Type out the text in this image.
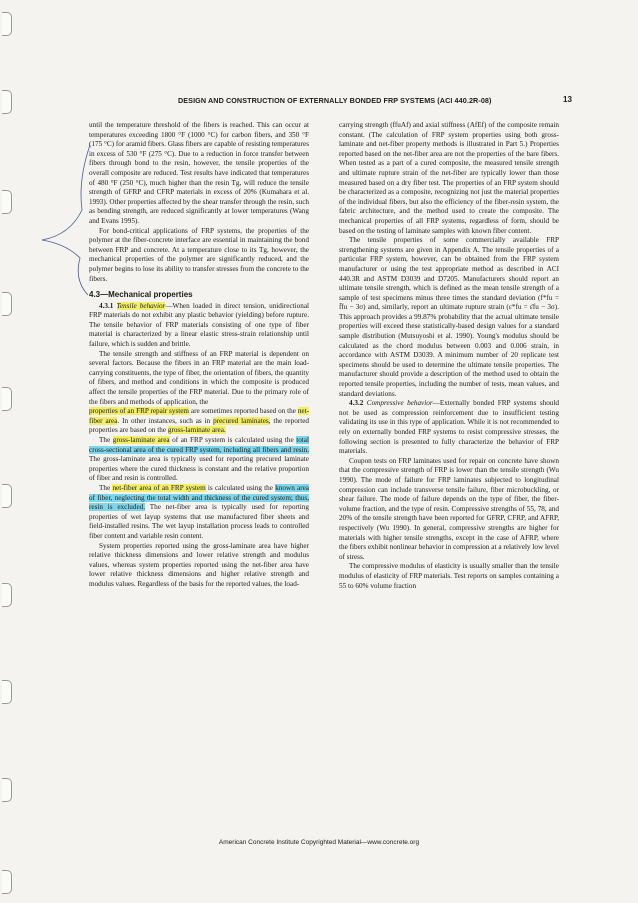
DESIGN AND CONSTRUCTION OF EXTERNALLY BONDED FRP SYSTEMS (ACI 440.2R-08)	13

until the temperature threshold of the fibers is reached. This can occur at temperatures exceeding 1800 °F (1000 °C) for carbon fibers, and 350 °F (175 °C) for aramid fibers. Glass fibers are capable of resisting temperatures in excess of 530 °F (275 °C). Due to a reduction in force transfer between fibers through bond to the resin, however, the tensile properties of the overall composite are reduced. Test results have indicated that temperatures of 480 °F (250 °C), much higher than the resin Tg, will reduce the tensile strength of GFRP and CFRP materials in excess of 20% (Kumahara et al. 1993). Other properties affected by the shear transfer through the resin, such as bending strength, are reduced significantly at lower temperatures (Wang and Evans 1995).

For bond-critical applications of FRP systems, the properties of the polymer at the fiber-concrete interface are essential in maintaining the bond between FRP and concrete. At a temperature close to its Tg, however, the mechanical properties of the polymer are significantly reduced, and the polymer begins to lose its ability to transfer stresses from the concrete to the fibers.

4.3—Mechanical properties

4.3.1 Tensile behavior—When loaded in direct tension, unidirectional FRP materials do not exhibit any plastic behavior (yielding) before rupture. The tensile behavior of FRP materials consisting of one type of fiber material is characterized by a linear elastic stress-strain relationship until failure, which is sudden and brittle.

The tensile strength and stiffness of an FRP material is dependent on several factors. Because the fibers in an FRP material are the main load-carrying constituents, the type of fiber, the orientation of fibers, the quantity of fibers, and method and conditions in which the composite is produced affect the tensile properties of the FRP material. Due to the primary role of the fibers and methods of application, the

properties of an FRP repair system are sometimes reported based on the net-fiber area. In other instances, such as in precured laminates, the reported properties are based on the gross-laminate area.

The gross-laminate area of an FRP system is calculated using the total cross-sectional area of the cured FRP system, including all fibers and resin. The gross-laminate area is typically used for reporting precured laminate properties where the cured thickness is constant and the relative proportion of fiber and resin is controlled.

The net-fiber area of an FRP system is calculated using the known area of fiber, neglecting the total width and thickness of the cured system; thus, resin is excluded. The net-fiber area is typically used for reporting properties of wet layup systems that use manufactured fiber sheets and field-installed resins. The wet layup installation process leads to controlled fiber content and variable resin content.

System properties reported using the gross-laminate area have higher relative thickness dimensions and lower relative strength and modulus values, whereas system properties reported using the net-fiber area have lower relative thickness dimensions and higher relative strength and modulus values. Regardless of the basis for the reported values, the load-

carrying strength (ffuAf) and axial stiffness (AfEf) of the composite remain constant. (The calculation of FRP system properties using both gross-laminate and net-fiber property methods is illustrated in Part 5.) Properties reported based on the net-fiber area are not the properties of the bare fibers. When tested as a part of a cured composite, the measured tensile strength and ultimate rupture strain of the net-fiber are typically lower than those measured based on a dry fiber test. The properties of an FRP system should be characterized as a composite, recognizing not just the material properties of the individual fibers, but also the efficiency of the fiber-resin system, the fabric architecture, and the method used to create the composite. The mechanical properties of all FRP systems, regardless of form, should be based on the testing of laminate samples with known fiber content.

The tensile properties of some commercially available FRP strengthening systems are given in Appendix A. The tensile properties of a particular FRP system, however, can be obtained from the FRP system manufacturer or using the test appropriate method as described in ACI 440.3R and ASTM D3039 and D7205. Manufacturers should report an ultimate tensile strength, which is defined as the mean tensile strength of a sample of test specimens minus three times the standard deviation (f*fu = f̄fu − 3σ) and, similarly, report an ultimate rupture strain (ε*fu = ε̄fu − 3σ). This approach provides a 99.87% probability that the actual ultimate tensile properties will exceed these statistically-based design values for a standard sample distribution (Mutsuyoshi et al. 1990). Young's modulus should be calculated as the chord modulus between 0.003 and 0.006 strain, in accordance with ASTM D3039. A minimum number of 20 replicate test specimens should be used to determine the ultimate tensile properties. The manufacturer should provide a description of the method used to obtain the reported tensile properties, including the number of tests, mean values, and standard deviations.

4.3.2 Compressive behavior—Externally bonded FRP systems should not be used as compression reinforcement due to insufficient testing validating its use in this type of application. While it is not recommended to rely on externally bonded FRP systems to resist compressive stresses, the following section is presented to fully characterize the behavior of FRP materials.

Coupon tests on FRP laminates used for repair on concrete have shown that the compressive strength of FRP is lower than the tensile strength (Wu 1990). The mode of failure for FRP laminates subjected to longitudinal compression can include transverse tensile failure, fiber microbuckling, or shear failure. The mode of failure depends on the type of fiber, the fiber-volume fraction, and the type of resin. Compressive strengths of 55, 78, and 20% of the tensile strength have been reported for GFRP, CFRP, and AFRP, respectively (Wu 1990). In general, compressive strengths are higher for materials with higher tensile strengths, except in the case of AFRP, where the fibers exhibit nonlinear behavior in compression at a relatively low level of stress.

The compressive modulus of elasticity is usually smaller than the tensile modulus of elasticity of FRP materials. Test reports on samples containing a 55 to 60% volume fraction

American Concrete Institute Copyrighted Material—www.concrete.org
